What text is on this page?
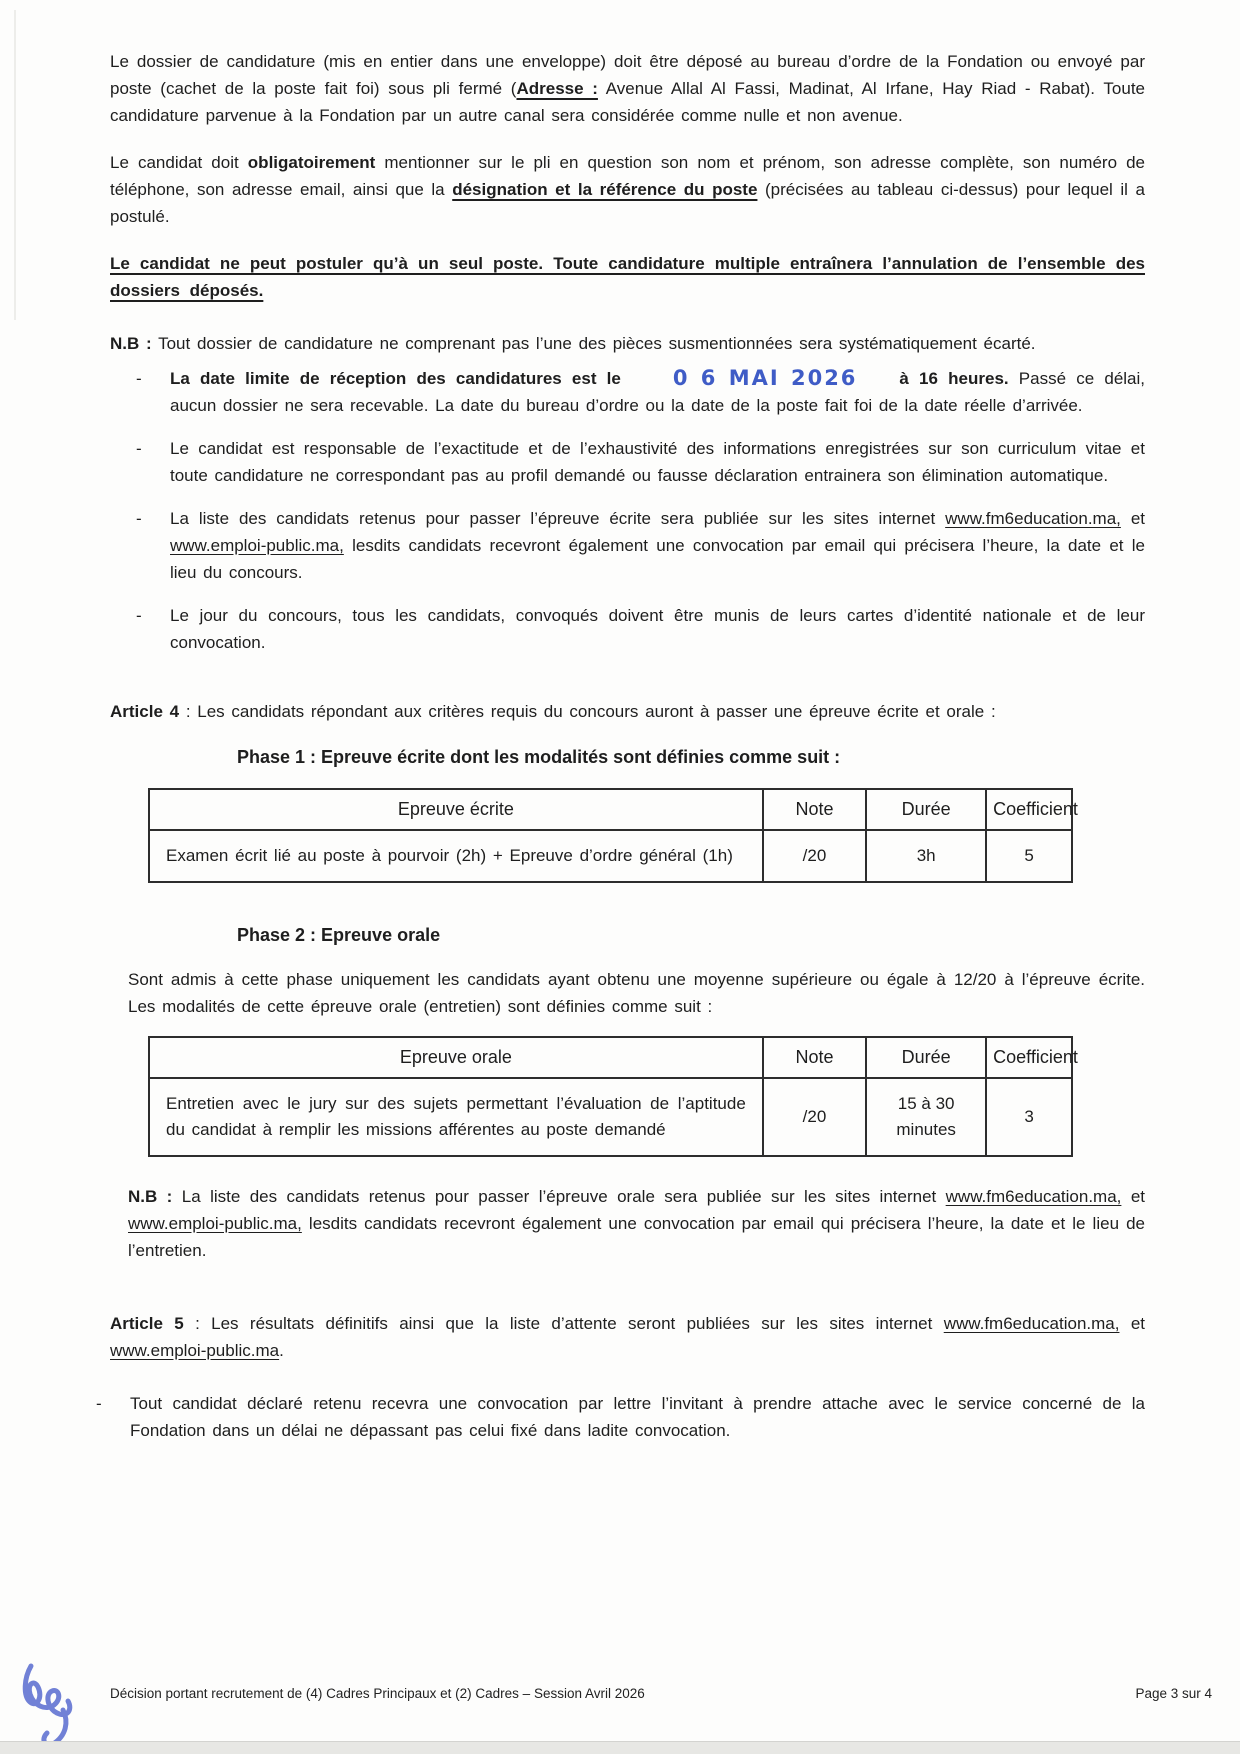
Le dossier de candidature (mis en entier dans une enveloppe) doit être déposé au bureau d’ordre de la Fondation ou envoyé par poste (cachet de la poste fait foi) sous pli fermé (Adresse : Avenue Allal Al Fassi, Madinat, Al Irfane, Hay Riad - Rabat). Toute candidature parvenue à la Fondation par un autre canal sera considérée comme nulle et non avenue.

Le candidat doit obligatoirement mentionner sur le pli en question son nom et prénom, son adresse complète, son numéro de téléphone, son adresse email, ainsi que la désignation et la référence du poste (précisées au tableau ci-dessus) pour lequel il a postulé.

Le candidat ne peut postuler qu’à un seul poste. Toute candidature multiple entraînera l’annulation de l’ensemble des dossiers déposés.

N.B : Tout dossier de candidature ne comprenant pas l’une des pièces susmentionnées sera systématiquement écarté.

-	La date limite de réception des candidatures est le 0 6 MAI 2026 à 16 heures. Passé ce délai, aucun dossier ne sera recevable. La date du bureau d’ordre ou la date de la poste fait foi de la date réelle d’arrivée.
-	Le candidat est responsable de l’exactitude et de l’exhaustivité des informations enregistrées sur son curriculum vitae et toute candidature ne correspondant pas au profil demandé ou fausse déclaration entrainera son élimination automatique.
-	La liste des candidats retenus pour passer l’épreuve écrite sera publiée sur les sites internet www.fm6education.ma, et www.emploi-public.ma, lesdits candidats recevront également une convocation par email qui précisera l’heure, la date et le lieu du concours.
-	Le jour du concours, tous les candidats, convoqués doivent être munis de leurs cartes d’identité nationale et de leur convocation.

Article 4 : Les candidats répondant aux critères requis du concours auront à passer une épreuve écrite et orale :

Phase 1 : Epreuve écrite dont les modalités sont définies comme suit :
Epreuve écrite	Note	Durée	Coefficient
Examen écrit lié au poste à pourvoir (2h) + Epreuve d’ordre général (1h)	/20	3h	5
Phase 2 : Epreuve orale

Sont admis à cette phase uniquement les candidats ayant obtenu une moyenne supérieure ou égale à 12/20 à l’épreuve écrite. Les modalités de cette épreuve orale (entretien) sont définies comme suit :

Epreuve orale	Note	Durée	Coefficient
Entretien avec le jury sur des sujets permettant l’évaluation de l’aptitude du candidat à remplir les missions afférentes au poste demandé	/20	15 à 30 minutes	3

N.B : La liste des candidats retenus pour passer l’épreuve orale sera publiée sur les sites internet www.fm6education.ma, et www.emploi-public.ma, lesdits candidats recevront également une convocation par email qui précisera l’heure, la date et le lieu de l’entretien.

Article 5 : Les résultats définitifs ainsi que la liste d’attente seront publiées sur les sites internet www.fm6education.ma, et www.emploi-public.ma.

-	Tout candidat déclaré retenu recevra une convocation par lettre l’invitant à prendre attache avec le service concerné de la Fondation dans un délai ne dépassant pas celui fixé dans ladite convocation.
Décision portant recrutement de (4) Cadres Principaux et (2) Cadres – Session Avril 2026	Page 3 sur 4
